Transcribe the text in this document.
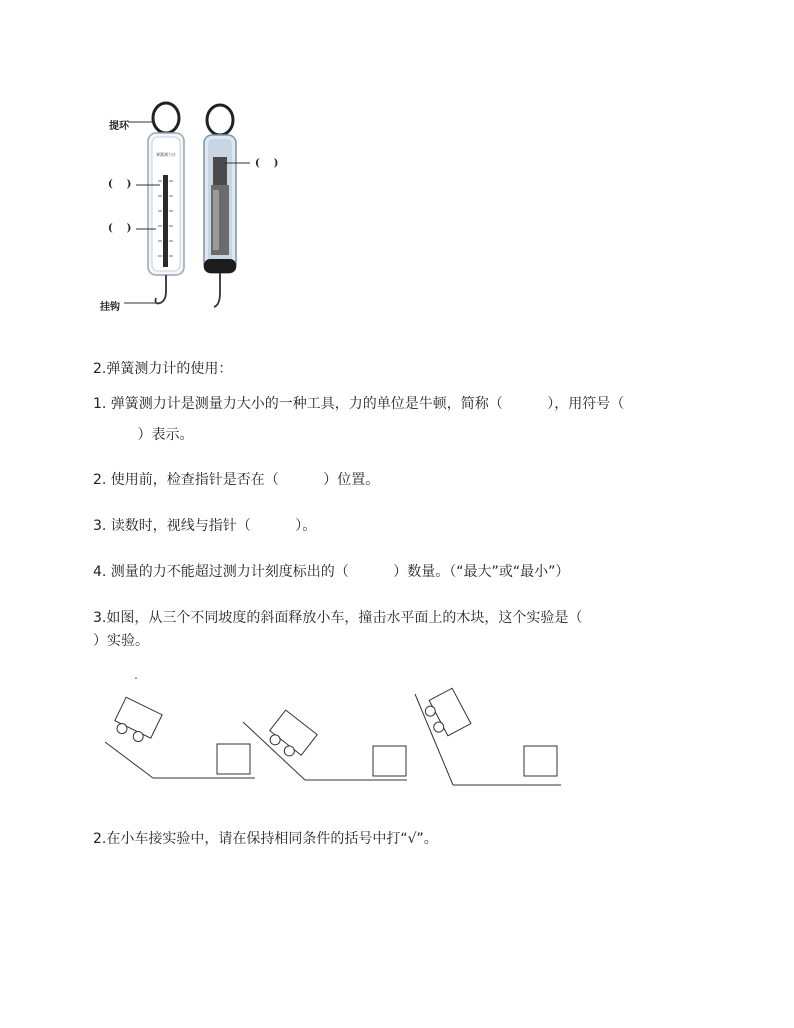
弹簧测力计
提环
(    )
(    )
挂钩
(    )
2.弹簧测力计的使用：
1. 弹簧测力计是测量力大小的一种工具，力的单位是牛顿，简称（          ），用符号（
）表示。
2. 使用前，检查指针是否在（          ）位置。
3. 读数时，视线与指针（          ）。
4. 测量的力不能超过测力计刻度标出的（          ）数量。（“最大”或“最小”）
3.如图，从三个不同坡度的斜面释放小车，撞击水平面上的木块，这个实验是（
）实验。
2.在小车接实验中，请在保持相同条件的括号中打“√”。
